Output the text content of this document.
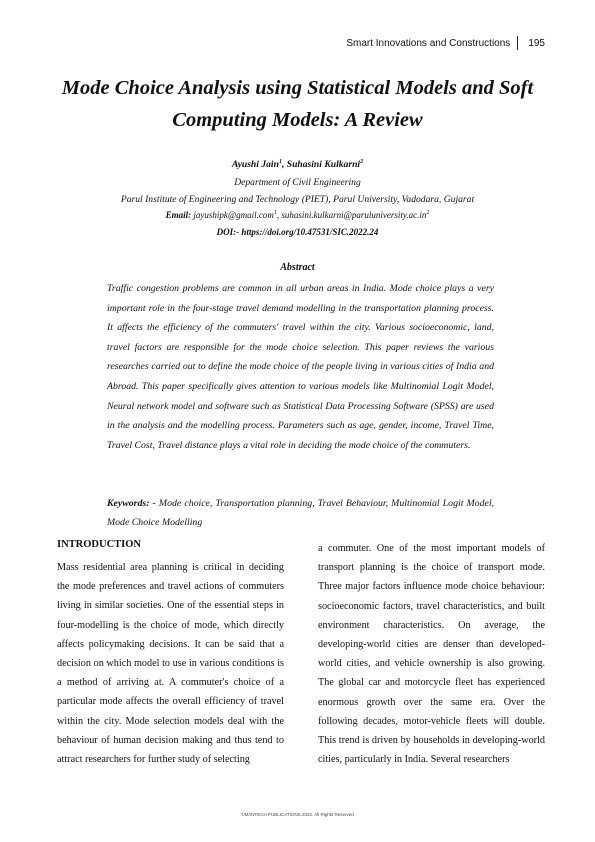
Smart Innovations and Constructions 195
Mode Choice Analysis using Statistical Models and Soft Computing Models: A Review
Ayushi Jain$^1$, Suhasini Kulkarni$^2$
Department of Civil Engineering
Parul Institute of Engineering and Technology (PIET), Parul University, Vadodara, Gujarat
Email: jayushipk@gmail.com$^1$, $suhasini.kulkarni@paruluniversity.ac.in^2$
DOI:- https://doi.org/10.47531/SIC.2022.24
Abstract

Traffic congestion problems are common in all urban areas in India. Mode choice plays a very important role in the four-stage travel demand modelling in the transportation planning process. It affects the efficiency of the commuters' travel within the city. Various socioeconomic, land, travel factors are responsible for the mode choice selection. This paper reviews the various researches carried out to define the mode choice of the people living in various cities of India and Abroad. This paper specifically gives attention to various models like Multinomial Logit Model, Neural network model and software such as Statistical Data Processing Software (SPSS) are used in the analysis and the modelling process. Parameters such as age, gender, income, Travel Time, Travel Cost, Travel distance plays a vital role in deciding the mode choice of the commuters.

Keywords: - Mode choice, Transportation planning, Travel Behaviour, Multinomial Logit Model, Mode Choice Modelling

INTRODUCTION

Mass residential area planning is critical in deciding the mode preferences and travel actions of commuters living in similar societies. One of the essential steps in four-modelling is the choice of mode, which directly affects policymaking decisions. It can be said that a decision on which model to use in various conditions is a method of arriving at. A commuter's choice of a particular mode affects the overall efficiency of travel within the city. Mode selection models deal with the behaviour of human decision making and thus tend to attract researchers for further study of selecting

a commuter. One of the most important models of transport planning is the choice of transport mode. Three major factors influence mode choice behaviour: socioeconomic factors, travel characteristics, and built environment characteristics. On average, the developing-world cities are denser than developed-world cities, and vehicle ownership is also growing. The global car and motorcycle fleet has experienced enormous growth over the same era. Over the following decades, motor-vehicle fleets will double. This trend is driven by households in developing-world cities, particularly in India. Several researchers

©MANTECH PUBLICATIONS 2022. All Rights Reserved
